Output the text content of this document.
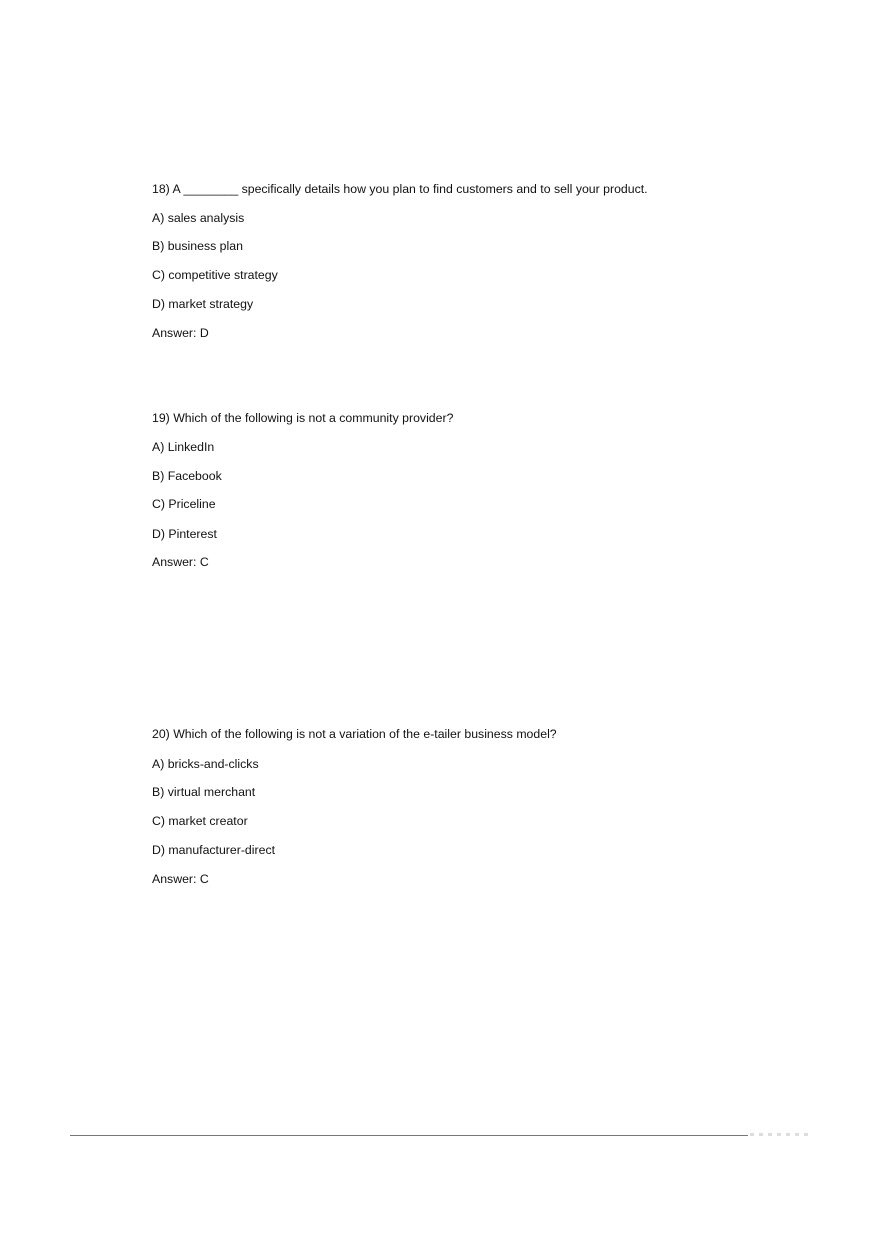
18) A ________ specifically details how you plan to find customers and to sell your product.
A) sales analysis
B) business plan
C) competitive strategy
D) market strategy
Answer: D
19) Which of the following is not a community provider?
A) LinkedIn
B) Facebook
C) Priceline
D) Pinterest
Answer: C
20) Which of the following is not a variation of the e-tailer business model?
A) bricks-and-clicks
B) virtual merchant
C) market creator
D) manufacturer-direct
Answer: C
